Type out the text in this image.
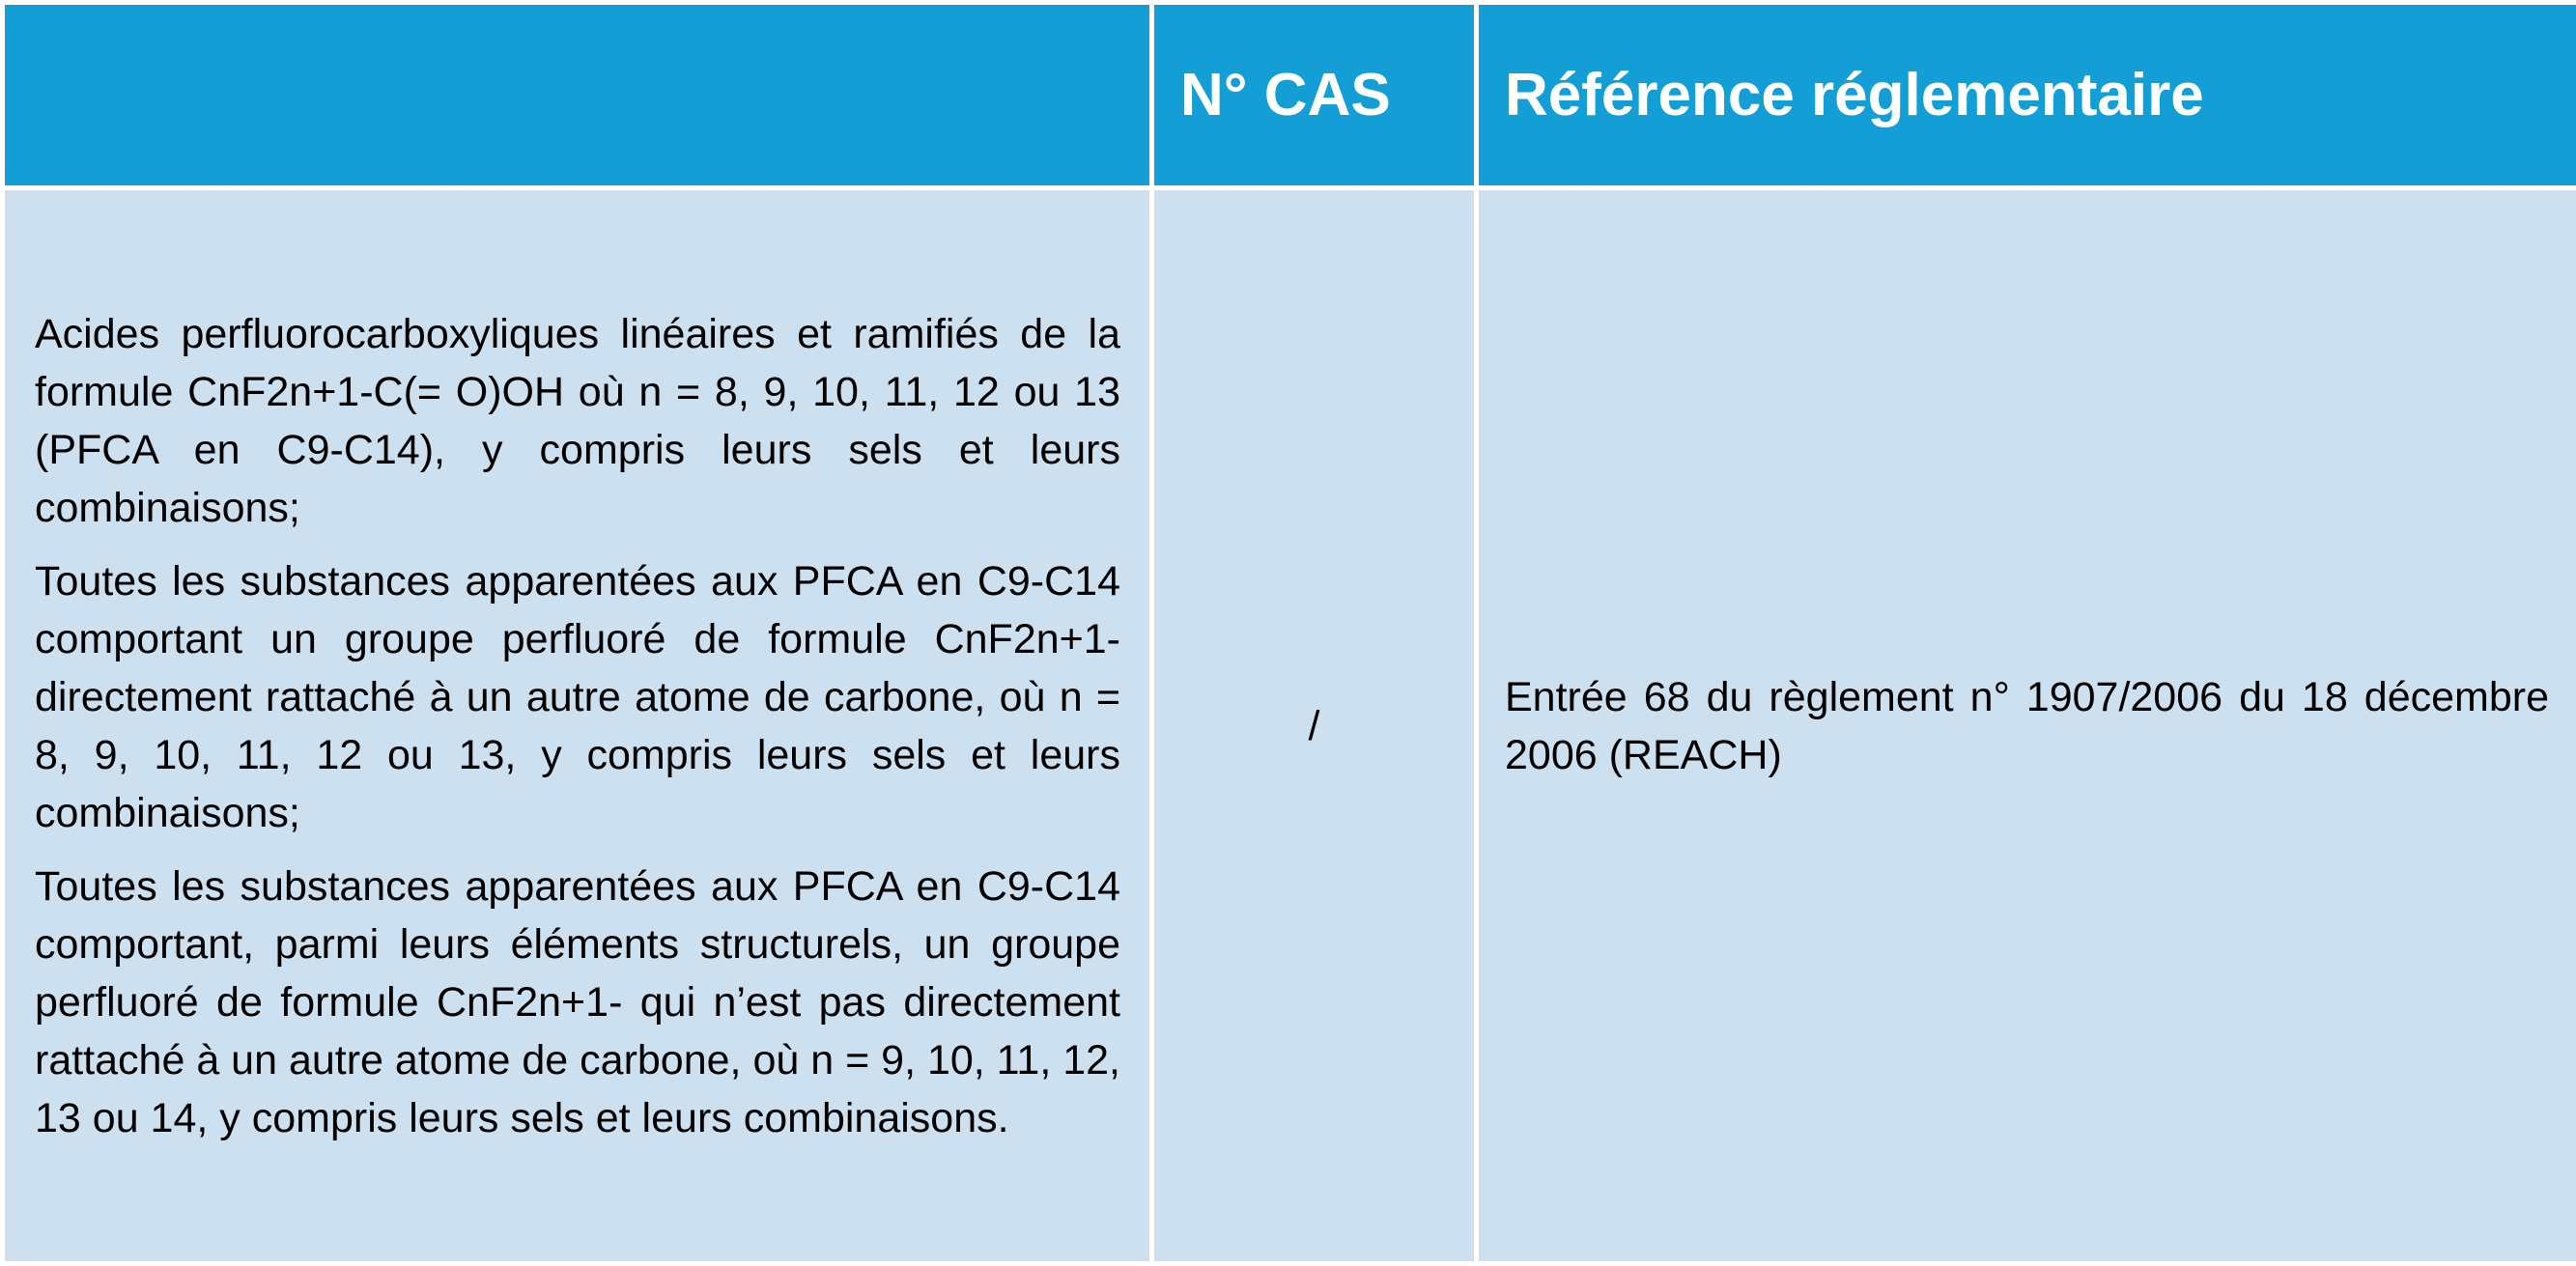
	N° CAS	Référence réglementaire

Acides perfluorocarboxyliques linéaires et ramifiés de la formule CnF2n+1-C(= O)OH où n = 8, 9, 10, 11, 12 ou 13 (PFCA en C9-C14), y compris leurs sels et leurs combinaisons;

Toutes les substances apparentées aux PFCA en C9-C14 comportant un groupe perfluoré de formule CnF2n+1- directement rattaché à un autre atome de carbone, où n = 8, 9, 10, 11, 12 ou 13, y compris leurs sels et leurs combinaisons;

Toutes les substances apparentées aux PFCA en C9-C14 comportant, parmi leurs éléments structurels, un groupe perfluoré de formule CnF2n+1- qui n’est pas directement rattaché à un autre atome de carbone, où n = 9, 10, 11, 12, 13 ou 14, y compris leurs sels et leurs combinaisons.	/	Entrée 68 du règlement n° 1907/2006 du 18 décembre 2006 (REACH)
